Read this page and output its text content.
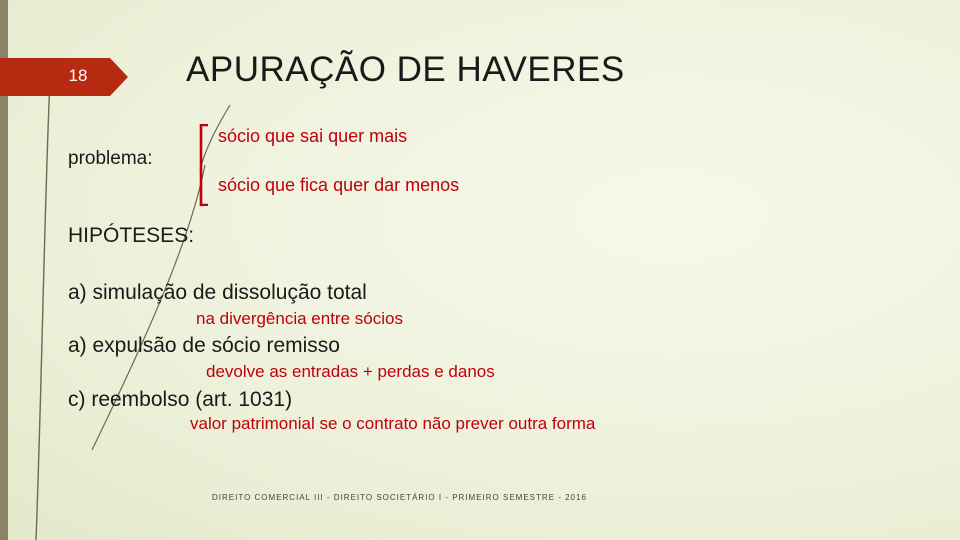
18	APURAÇÃO DE HAVERES
problema:
sócio que sai quer mais
sócio que fica quer dar menos
HIPÓTESES:
a) simulação de dissolução total
na divergência entre sócios
a) expulsão de sócio remisso
devolve as entradas + perdas e danos
c) reembolso (art. 1031)
valor patrimonial se o contrato não prever outra forma
DIREITO COMERCIAL III - DIREITO SOCIETÁRIO I - PRIMEIRO SEMESTRE - 2016
